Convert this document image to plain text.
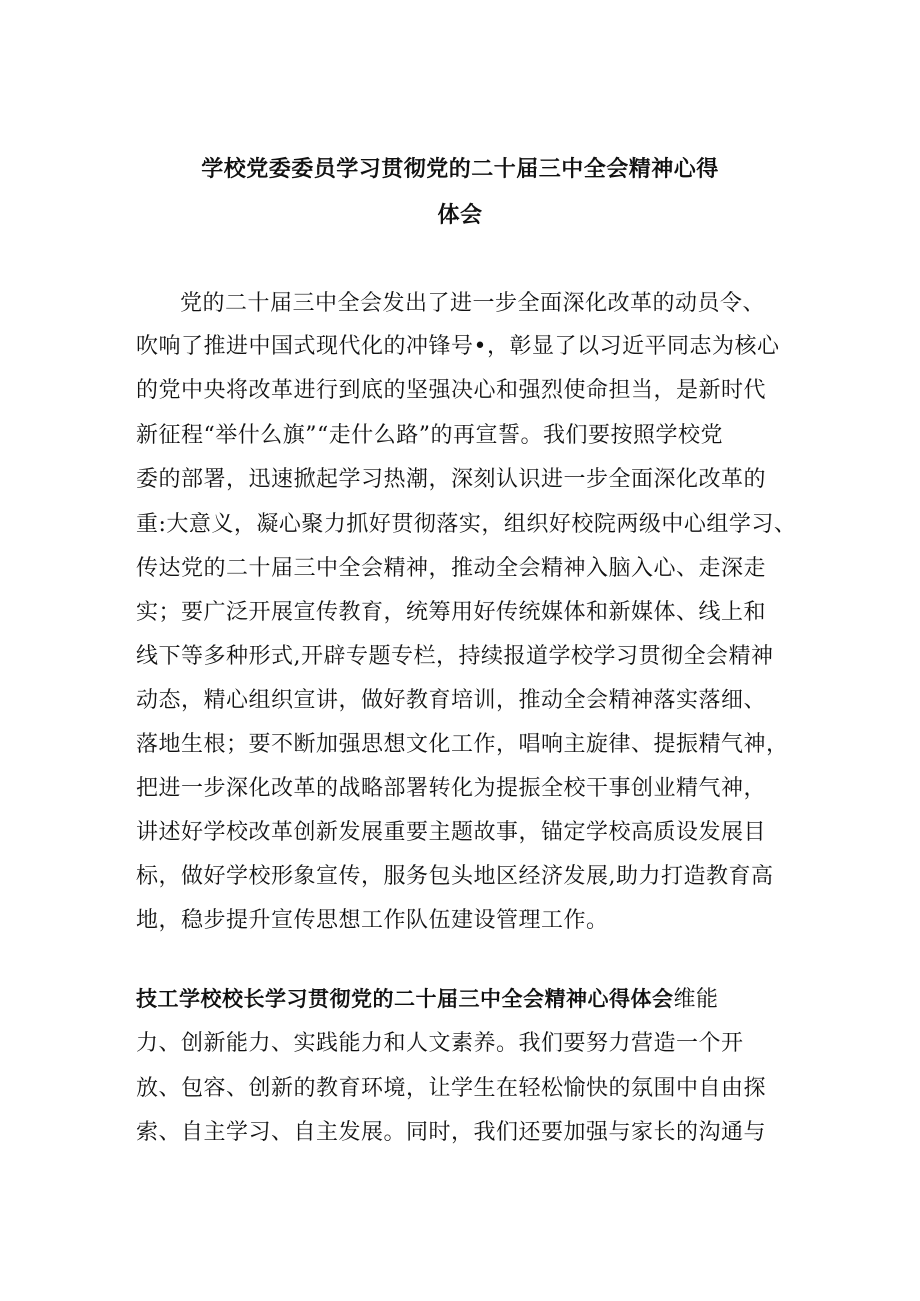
学校党委委员学习贯彻党的二十届三中全会精神心得
体会
党的二十届三中全会发出了进一步全面深化改革的动员令、
吹响了推进中国式现代化的冲锋号•，彰显了以习近平同志为核心
的党中央将改革进行到底的坚强决心和强烈使命担当，是新时代
新征程“举什么旗”“走什么路”的再宣誓。我们要按照学校党
委的部署，迅速掀起学习热潮，深刻认识进一步全面深化改革的
重:大意义，凝心聚力抓好贯彻落实，组织好校院两级中心组学习、
传达党的二十届三中全会精神，推动全会精神入脑入心、走深走
实；要广泛开展宣传教育，统筹用好传统媒体和新媒体、线上和
线下等多种形式,开辟专题专栏，持续报道学校学习贯彻全会精神
动态，精心组织宣讲，做好教育培训，推动全会精神落实落细、
落地生根；要不断加强思想文化工作，唱响主旋律、提振精气神，
把进一步深化改革的战略部署转化为提振全校干事创业精气神，
讲述好学校改革创新发展重要主题故事，锚定学校高质设发展目
标，做好学校形象宣传，服务包头地区经济发展,助力打造教育高
地，稳步提升宣传思想工作队伍建设管理工作。
技工学校校长学习贯彻党的二十届三中全会精神心得体会维能
力、创新能力、实践能力和人文素养。我们要努力营造一个开
放、包容、创新的教育环境，让学生在轻松愉快的氛围中自由探
索、自主学习、自主发展。同时，我们还要加强与家长的沟通与
